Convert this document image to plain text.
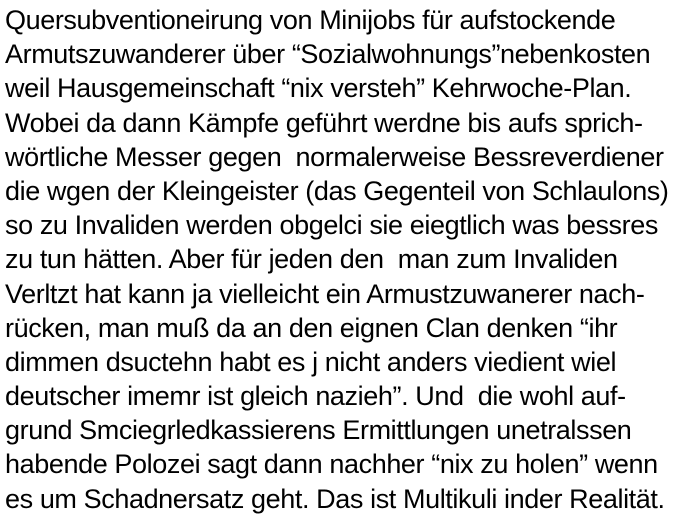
Quersubventioneirung von Minijobs für aufstockende
Armutszuwanderer über “Sozialwohnungs”nebenkosten
weil Hausgemeinschaft “nix versteh” Kehrwoche-Plan.
Wobei da dann Kämpfe geführt werdne bis aufs sprich-
wörtliche Messer gegen  normalerweise Bessreverdiener
die wgen der Kleingeister (das Gegenteil von Schlaulons)
so zu Invaliden werden obgelci sie eiegtlich was bessres
zu tun hätten. Aber für jeden den  man zum Invaliden
Verltzt hat kann ja vielleicht ein Armustzuwanerer nach-
rücken, man muß da an den eignen Clan denken “ihr
dimmen dsuctehn habt es j nicht anders viedient wiel
deutscher imemr ist gleich nazieh”. Und  die wohl auf-
grund Smciegrledkassierens Ermittlungen unetralssen
habende Polozei sagt dann nachher “nix zu holen” wenn
es um Schadnersatz geht. Das ist Multikuli inder Realität.
